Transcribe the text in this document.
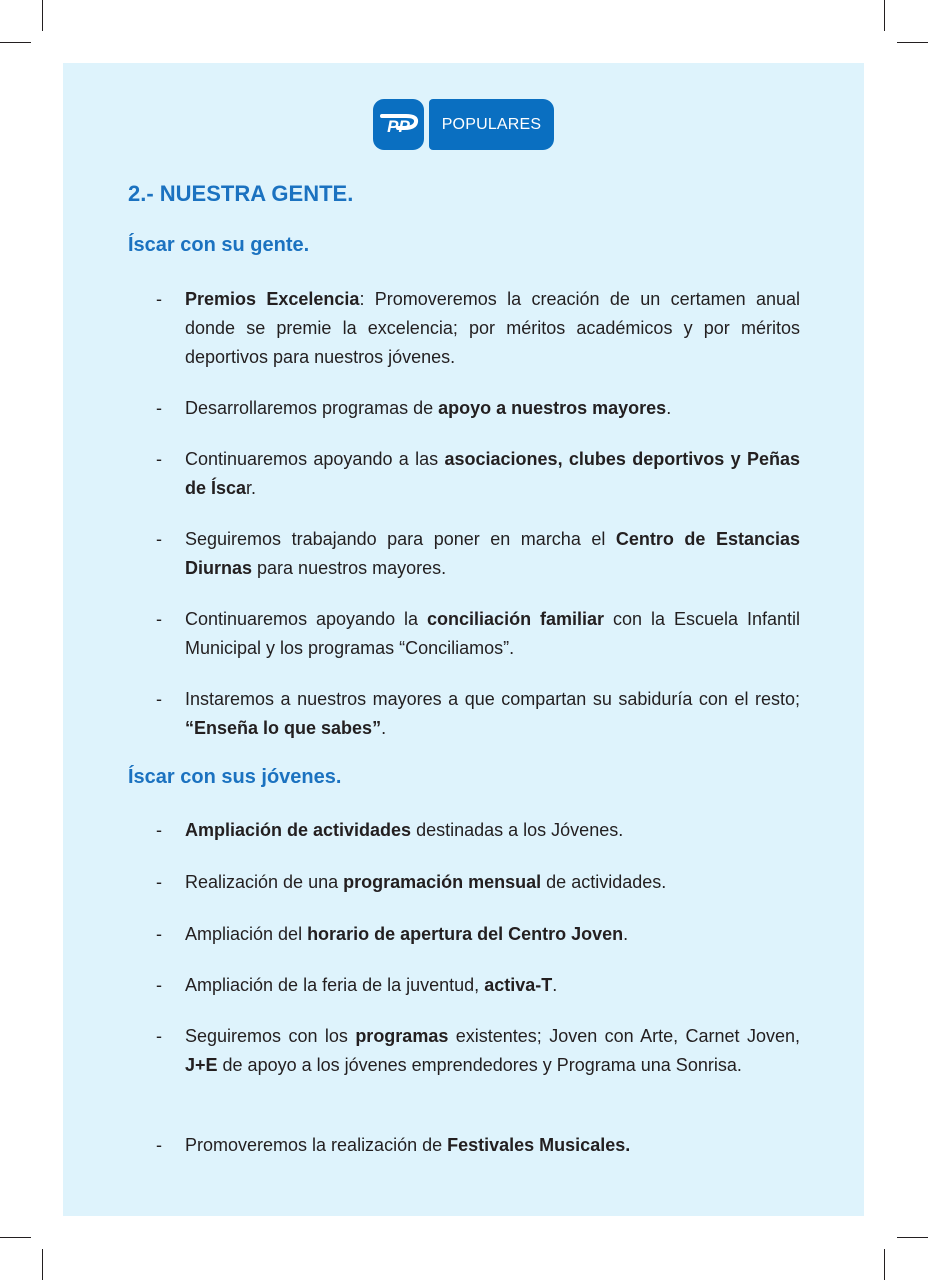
PP	POPULARES
2.- NUESTRA GENTE.
Íscar con su gente.
- Premios Excelencia: Promoveremos la creación de un certamen anual donde se premie la excelencia; por méritos académicos y por méritos deportivos para nuestros jóvenes.
- Desarrollaremos programas de apoyo a nuestros mayores.
- Continuaremos apoyando a las asociaciones, clubes deportivos y Peñas de Íscar.
- Seguiremos trabajando para poner en marcha el Centro de Estancias Diurnas para nuestros mayores.
- Continuaremos apoyando la conciliación familiar con la Escuela Infantil Municipal y los programas “Conciliamos”.
- Instaremos a nuestros mayores a que compartan su sabiduría con el resto; “Enseña lo que sabes”.
Íscar con sus jóvenes.
- Ampliación de actividades destinadas a los Jóvenes.
- Realización de una programación mensual de actividades.
- Ampliación del horario de apertura del Centro Joven.
- Ampliación de la feria de la juventud, activa-T.
- Seguiremos con los programas existentes; Joven con Arte, Carnet Joven, J+E de apoyo a los jóvenes emprendedores y Programa una Sonrisa.
- Promoveremos la realización de Festivales Musicales.
